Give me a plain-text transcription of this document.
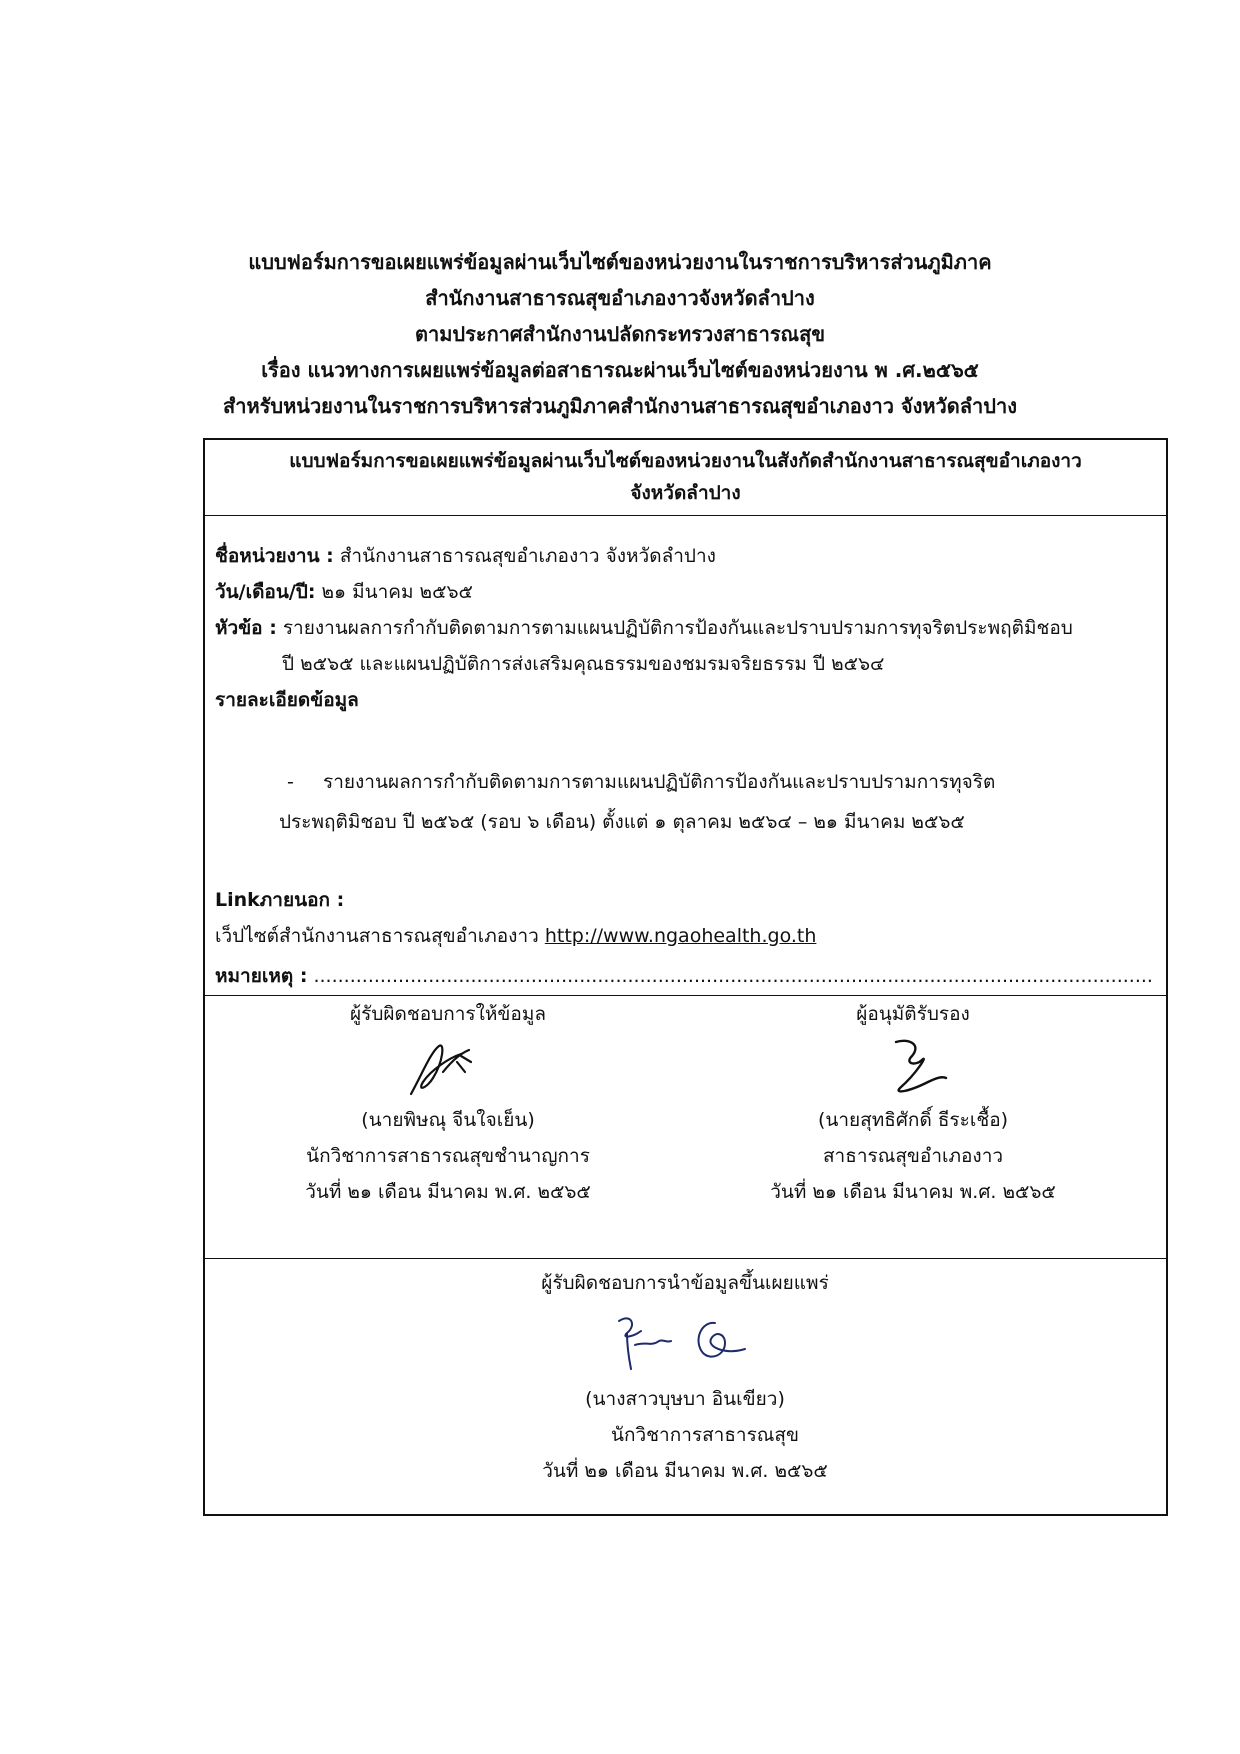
แบบฟอร์มการขอเผยแพร่ข้อมูลผ่านเว็บไซต์ของหน่วยงานในราชการบริหารส่วนภูมิภาค
สำนักงานสาธารณสุขอำเภองาวจังหวัดลำปาง
ตามประกาศสำนักงานปลัดกระทรวงสาธารณสุข
เรื่อง แนวทางการเผยแพร่ข้อมูลต่อสาธารณะผ่านเว็บไซต์ของหน่วยงาน พ .ศ.๒๕๖๕
สำหรับหน่วยงานในราชการบริหารส่วนภูมิภาคสำนักงานสาธารณสุขอำเภองาว จังหวัดลำปาง
แบบฟอร์มการขอเผยแพร่ข้อมูลผ่านเว็บไซต์ของหน่วยงานในสังกัดสำนักงานสาธารณสุขอำเภองาว
จังหวัดลำปาง
ชื่อหน่วยงาน : สำนักงานสาธารณสุขอำเภองาว จังหวัดลำปาง
วัน/เดือน/ปี: ๒๑ มีนาคม ๒๕๖๕
หัวข้อ : รายงานผลการกำกับติดตามการตามแผนปฏิบัติการป้องกันและปราบปรามการทุจริตประพฤติมิชอบ
ปี ๒๕๖๕ และแผนปฏิบัติการส่งเสริมคุณธรรมของชมรมจริยธรรม ปี ๒๕๖๔
รายละเอียดข้อมูล
- รายงานผลการกำกับติดตามการตามแผนปฏิบัติการป้องกันและปราบปรามการทุจริต
ประพฤติมิชอบ ปี ๒๕๖๕ (รอบ ๖ เดือน) ตั้งแต่ ๑ ตุลาคม ๒๕๖๔ – ๒๑ มีนาคม ๒๕๖๕
Linkภายนอก :
เว็ปไซต์สำนักงานสาธารณสุขอำเภองาว http://www.ngaohealth.go.th
หมายเหตุ : ...........................................................................................................................................
ผู้รับผิดชอบการให้ข้อมูล
(นายพิษณุ จีนใจเย็น)
นักวิชาการสาธารณสุขชำนาญการ
วันที่ ๒๑ เดือน มีนาคม พ.ศ. ๒๕๖๕
ผู้อนุมัติรับรอง
(นายสุทธิศักดิ์ ธีระเชื้อ)
สาธารณสุขอำเภองาว
วันที่ ๒๑ เดือน มีนาคม พ.ศ. ๒๕๖๕
ผู้รับผิดชอบการนำข้อมูลขึ้นเผยแพร่
(นางสาวบุษบา อินเขียว)
นักวิชาการสาธารณสุข
วันที่ ๒๑ เดือน มีนาคม พ.ศ. ๒๕๖๕
